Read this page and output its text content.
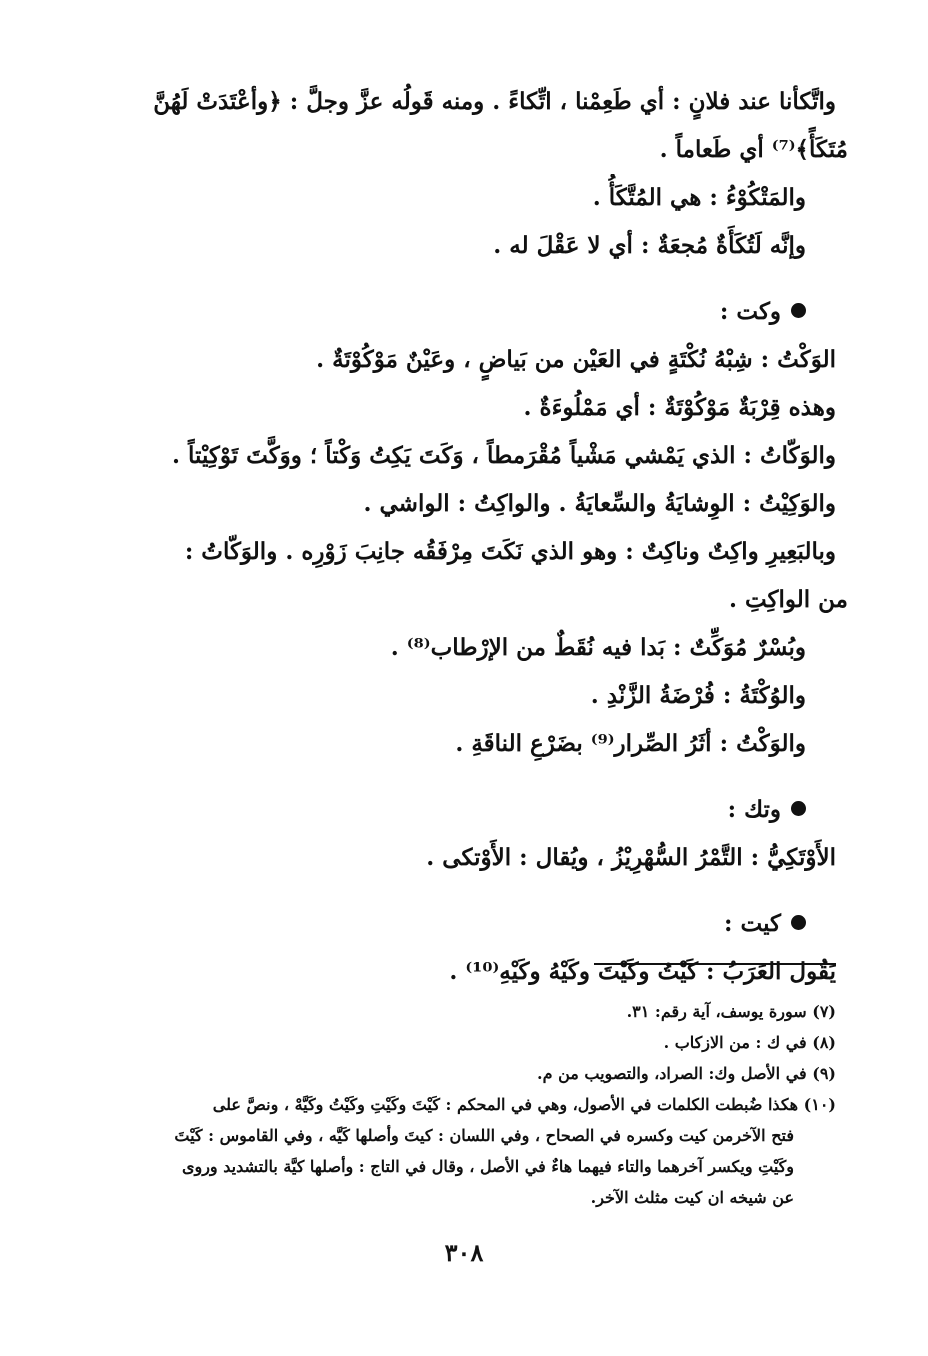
واتَّكأنا عند فلانٍ : أي طَعِمْنا ، اتِّكاءً . ومنه قَولُه عزَّ وجلَّ : ﴿وأعْتَدَتْ لَهُنَّ

مُتَكَأً﴾⁽⁷⁾ أي طَعاماً .

والمَتْكُوْءُ : هي المُتَّكَأُ .

وإنَّه لَتُكَأَةٌ مُجعَةٌ : أي لا عَقْلَ له .

وكت :

الوَكْتُ : شِبْهُ نُكْتَةٍ في العَيْن من بَياضٍ ، وعَيْنٌ مَوْكُوْتَةٌ .

وهذه قِرْبَةٌ مَوْكُوْتَةٌ : أي مَمْلُوءَةٌ .

والوَكّاتُ : الذي يَمْشي مَشْياً مُقْرَمطاً ، وَكَتَ يَكِتُ وَكْتاً ؛ ووَكَّتَ تَوْكِيْتاً .

والوَكِيْتُ : الوِشايَةُ والسِّعايَةُ . والواكِتُ : الواشي .

وبالبَعِيرِ واكِتٌ وناكِتٌ : وهو الذي نَكَتَ مِرْفَقُه جانِبَ زَوْرِه . والوَكّاتُ :

من الواكِتِ .

وبُسْرٌ مُوَكِّتٌ : بَدا فيه نُقَطٌ من الإرْطاب⁽⁸⁾ .

والوُكْتَةُ : فُرْضَةُ الزَّنْدِ .

والوَكْتُ : أثَرُ الصِّرار⁽⁹⁾ بضَرْعِ الناقَةِ .

وتك :

الأَوْتَكِيُّ : التَّمْرُ السُّهْرِيْزُ ، ويُقال : الأَوْتكى .

كيت :

يَقُول العَرَبُ : كَيْتُ وكَيْتَ وكَيْهُ وكَيْهِ⁽¹⁰⁾ .

(٧) سورة يوسف، آية رقم: ٣١.

(٨) في ك : من الازكاب .

(٩) في الأصل وك: الصراد، والتصويب من م.

(١٠) هكذا ضُبطت الكلمات في الأصول، وهي في المحكم : كَيْتَ وكَيْتِ وكَيْتُ وكَيَّهْ ، ونصَّ على

فتح الآخرمن كيت وكسره في الصحاح ، وفي اللسان : كيتَ وأصلها كَيَّه ، وفي القاموس : كَيْتَ

وكَيْتِ ويكسر آخرهما والتاء فيهما هاءٌ في الأصل ، وقال في التاج : وأصلها كيَّة بالتشديد وروى

عن شيخه ان كيت مثلث الآخر.

٣٠٨
